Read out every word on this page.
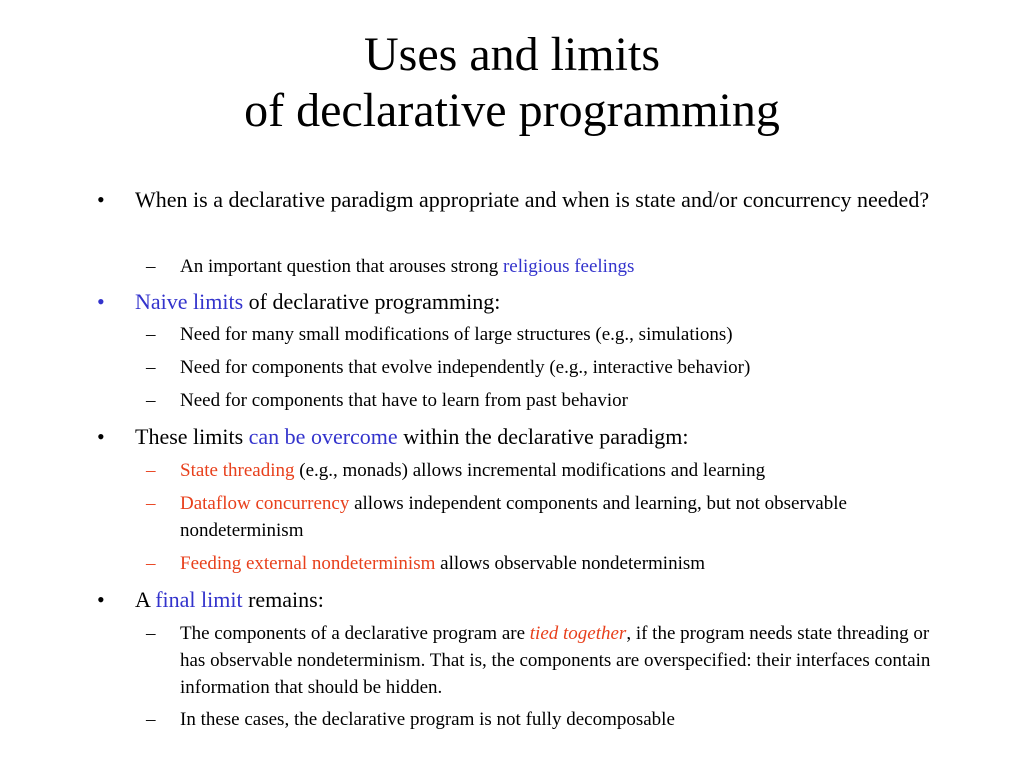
Uses and limits
of declarative programming
• When is a declarative paradigm appropriate and when is state and/or concurrency needed?
– An important question that arouses strong religious feelings
• Naive limits of declarative programming:
– Need for many small modifications of large structures (e.g., simulations)
– Need for components that evolve independently (e.g., interactive behavior)
– Need for components that have to learn from past behavior
• These limits can be overcome within the declarative paradigm:
– State threading (e.g., monads) allows incremental modifications and learning
– Dataflow concurrency allows independent components and learning, but not observable nondeterminism
– Feeding external nondeterminism allows observable nondeterminism
• A final limit remains:
– The components of a declarative program are tied together, if the program needs state threading or has observable nondeterminism. That is, the components are overspecified: their interfaces contain information that should be hidden.
– In these cases, the declarative program is not fully decomposable
